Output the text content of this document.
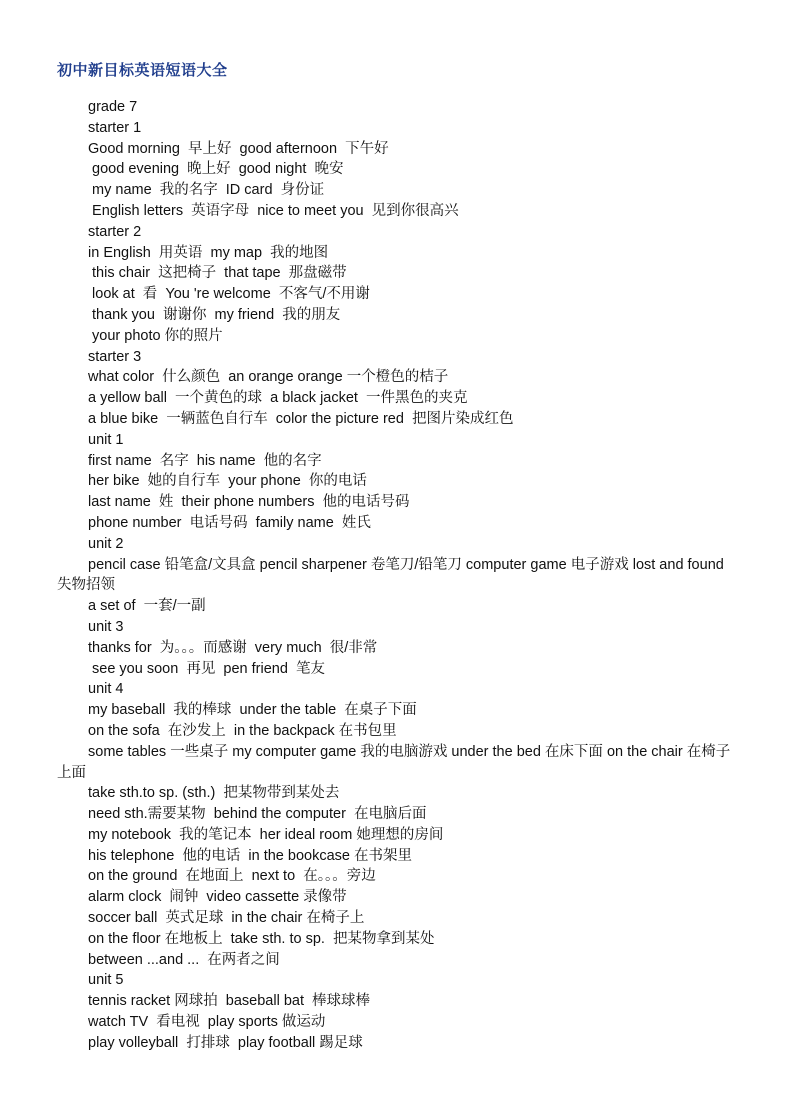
初中新目标英语短语大全
grade 7
starter 1
Good morning  早上好  good afternoon  下午好
good evening  晚上好  good night  晚安
my name  我的名字  ID card  身份证
English letters  英语字母  nice to meet you  见到你很高兴
starter 2
in English  用英语  my map  我的地图
this chair  这把椅子  that tape  那盘磁带
look at  看  You 're welcome  不客气/不用谢
thank you  谢谢你  my friend  我的朋友
your photo 你的照片
starter 3
what color  什么颜色  an orange orange 一个橙色的桔子
a yellow ball  一个黄色的球  a black jacket  一件黑色的夹克
a blue bike  一辆蓝色自行车  color the picture red  把图片染成红色
unit 1
first name  名字  his name  他的名字
her bike  她的自行车  your phone  你的电话
last name  姓  their phone numbers  他的电话号码
phone number  电话号码  family name  姓氏
unit 2
pencil case 铅笔盒/文具盒 pencil sharpener 卷笔刀/铅笔刀 computer game 电子游戏 lost and found 失物招领
a set of  一套/一副
unit 3
thanks for  为。。。而感谢  very much  很/非常
see you soon  再见  pen friend  笔友
unit 4
my baseball  我的棒球  under the table  在桌子下面
on the sofa  在沙发上  in the backpack 在书包里
some tables 一些桌子 my computer game 我的电脑游戏 under the bed 在床下面 on the chair 在椅子上面
take sth.to sp. (sth.)  把某物带到某处去
need sth.需要某物  behind the computer  在电脑后面
my notebook  我的笔记本  her ideal room 她理想的房间
his telephone  他的电话  in the bookcase 在书架里
on the ground  在地面上  next to  在。。。旁边
alarm clock  闹钟  video cassette 录像带
soccer ball  英式足球  in the chair 在椅子上
on the floor 在地板上  take sth. to sp.  把某物拿到某处
between ...and ...  在两者之间
unit 5
tennis racket 网球拍  baseball bat  棒球球棒
watch TV  看电视  play sports 做运动
play volleyball  打排球  play football 踢足球
